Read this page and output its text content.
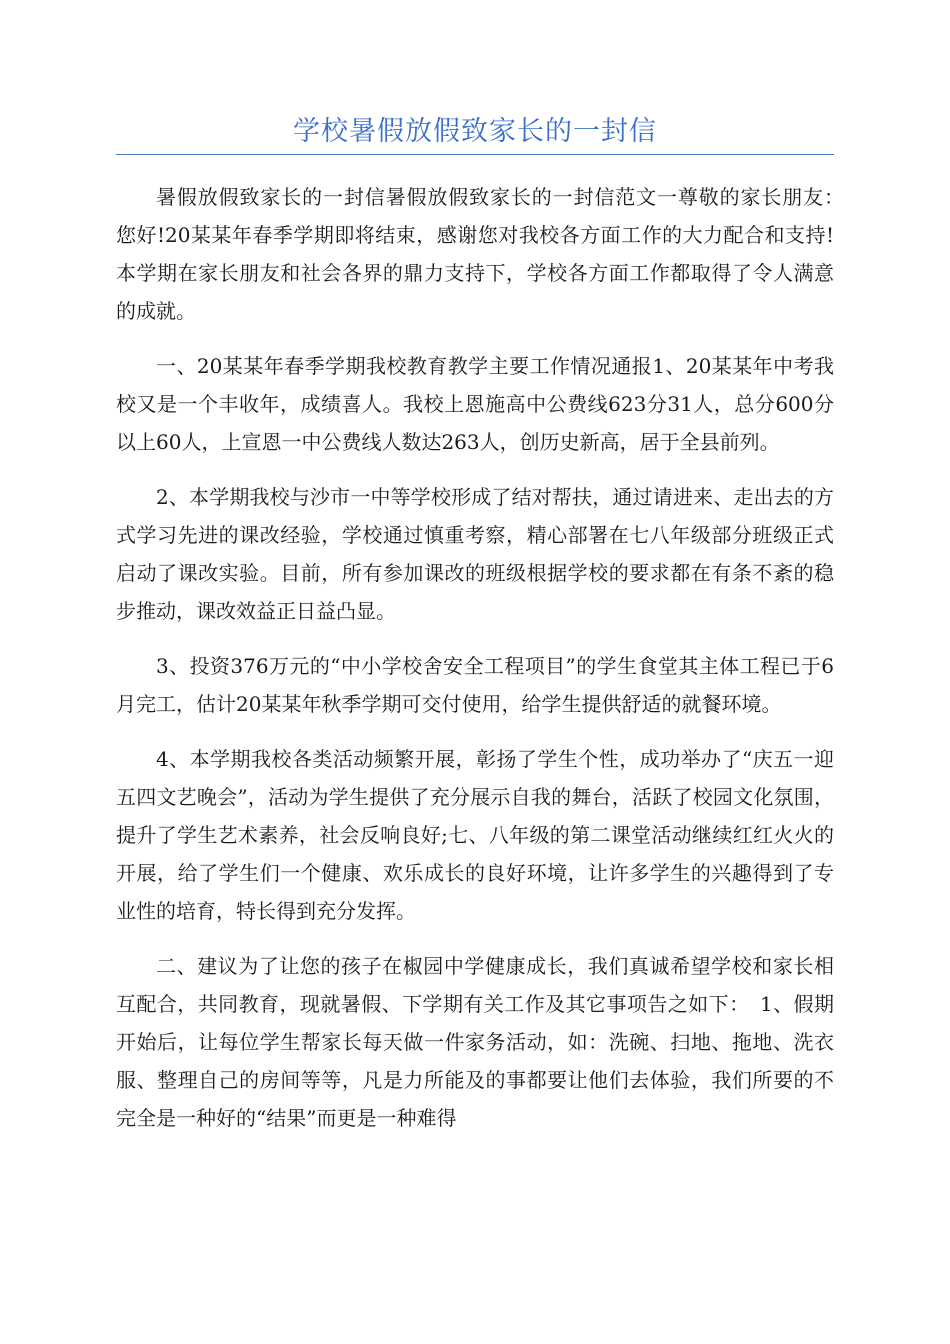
学校暑假放假致家长的一封信

暑假放假致家长的一封信暑假放假致家长的一封信范文一尊敬的家长朋友：　　您好!20某某年春季学期即将结束，感谢您对我校各方面工作的大力配合和支持!本学期在家长朋友和社会各界的鼎力支持下，学校各方面工作都取得了令人满意的成就。

一、20某某年春季学期我校教育教学主要工作情况通报1、20某某年中考我校又是一个丰收年，成绩喜人。我校上恩施高中公费线623分31人，总分600分以上60人，上宣恩一中公费线人数达263人，创历史新高，居于全县前列。

2、本学期我校与沙市一中等学校形成了结对帮扶，通过请进来、走出去的方式学习先进的课改经验，学校通过慎重考察，精心部署在七八年级部分班级正式启动了课改实验。目前，所有参加课改的班级根据学校的要求都在有条不紊的稳步推动，课改效益正日益凸显。

3、投资376万元的“中小学校舍安全工程项目”的学生食堂其主体工程已于6月完工，估计20某某年秋季学期可交付使用，给学生提供舒适的就餐环境。

4、本学期我校各类活动频繁开展，彰扬了学生个性，成功举办了“庆五一迎五四文艺晚会”，活动为学生提供了充分展示自我的舞台，活跃了校园文化氛围，提升了学生艺术素养，社会反响良好;七、八年级的第二课堂活动继续红红火火的开展，给了学生们一个健康、欢乐成长的良好环境，让许多学生的兴趣得到了专业性的培育，特长得到充分发挥。

二、建议为了让您的孩子在椒园中学健康成长，我们真诚希望学校和家长相互配合，共同教育，现就暑假、下学期有关工作及其它事项告之如下：　1、假期开始后，让每位学生帮家长每天做一件家务活动，如：洗碗、扫地、拖地、洗衣服、整理自己的房间等等，凡是力所能及的事都要让他们去体验，我们所要的不完全是一种好的“结果”而更是一种难得
